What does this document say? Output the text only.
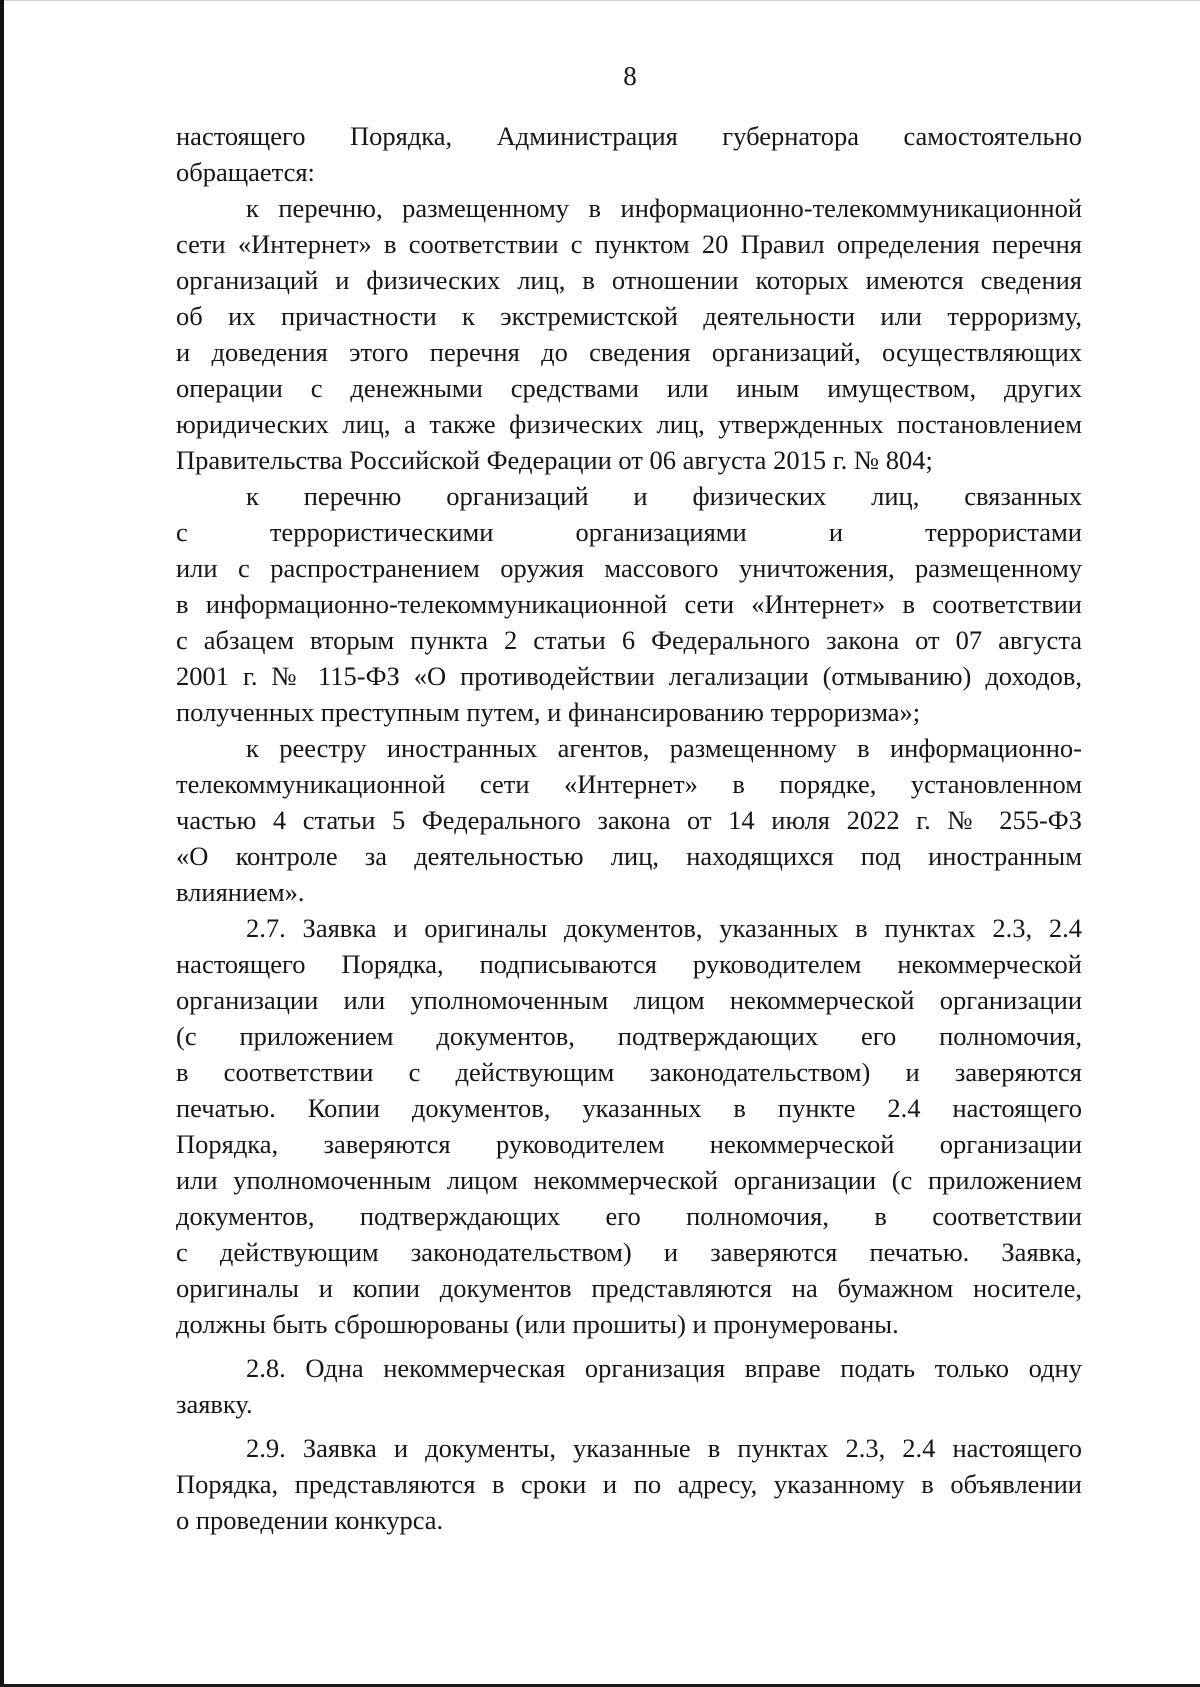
8
настоящего Порядка, Администрация губернатора самостоятельно
обращается:
к перечню, размещенному в информационно-телекоммуникационной
сети «Интернет» в соответствии с пунктом 20 Правил определения перечня
организаций и физических лиц, в отношении которых имеются сведения
об их причастности к экстремистской деятельности или терроризму,
и доведения этого перечня до сведения организаций, осуществляющих
операции с денежными средствами или иным имуществом, других
юридических лиц, а также физических лиц, утвержденных постановлением
Правительства Российской Федерации от 06 августа 2015 г. № 804;
к перечню организаций и физических лиц, связанных
с террористическими организациями и террористами
или с распространением оружия массового уничтожения, размещенному
в информационно-телекоммуникационной сети «Интернет» в соответствии
с абзацем вторым пункта 2 статьи 6 Федерального закона от 07 августа
2001 г. № 115-ФЗ «О противодействии легализации (отмыванию) доходов,
полученных преступным путем, и финансированию терроризма»;
к реестру иностранных агентов, размещенному в информационно-
телекоммуникационной сети «Интернет» в порядке, установленном
частью 4 статьи 5 Федерального закона от 14 июля 2022 г. № 255-ФЗ
«О контроле за деятельностью лиц, находящихся под иностранным
влиянием».
2.7. Заявка и оригиналы документов, указанных в пунктах 2.3, 2.4
настоящего Порядка, подписываются руководителем некоммерческой
организации или уполномоченным лицом некоммерческой организации
(с приложением документов, подтверждающих его полномочия,
в соответствии с действующим законодательством) и заверяются
печатью. Копии документов, указанных в пункте 2.4 настоящего
Порядка, заверяются руководителем некоммерческой организации
или уполномоченным лицом некоммерческой организации (с приложением
документов, подтверждающих его полномочия, в соответствии
с действующим законодательством) и заверяются печатью. Заявка,
оригиналы и копии документов представляются на бумажном носителе,
должны быть сброшюрованы (или прошиты) и пронумерованы.
2.8. Одна некоммерческая организация вправе подать только одну
заявку.
2.9. Заявка и документы, указанные в пунктах 2.3, 2.4 настоящего
Порядка, представляются в сроки и по адресу, указанному в объявлении
о проведении конкурса.
